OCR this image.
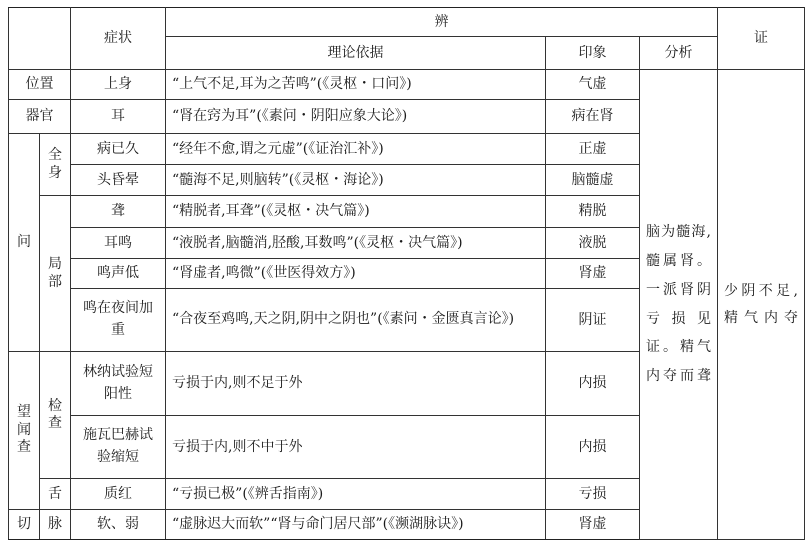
		症状	辨			证
			理论依据	印象	分析	
位置		上身	“上气不足,耳为之苦鸣”(《灵枢・口问》)	气虚	脑为髓海,髓属肾。一派肾阴亏损见证。精气内夺而聋	少阴不足,精气内夺
器官		耳	“肾在窍为耳”(《素问・阴阳应象大论》)	病在肾		
问	全身	病已久	“经年不愈,谓之元虚”(《证治汇补》)	正虚		
		头昏晕	“髓海不足,则脑转”(《灵枢・海论》)	脑髓虚		
	局部	聋	“精脱者,耳聋”(《灵枢・决气篇》)	精脱		
		耳鸣	“液脱者,脑髓消,胫酸,耳数鸣”(《灵枢・决气篇》)	液脱		
		鸣声低	“肾虚者,鸣微”(《世医得效方》)	肾虚		
		鸣在夜间加重	“合夜至鸡鸣,天之阴,阴中之阴也”(《素问・金匮真言论》)	阴证		
望闻查	检查	林纳试验短阳性	亏损于内,则不足于外	内损		
		施瓦巴赫试验缩短	亏损于内,则不中于外	内损		
	舌	质红	“亏损已极”(《辨舌指南》)	亏损		
切	脉	软、弱	“虚脉迟大而软”“肾与命门居尺部”(《濒湖脉诀》)	肾虚		
